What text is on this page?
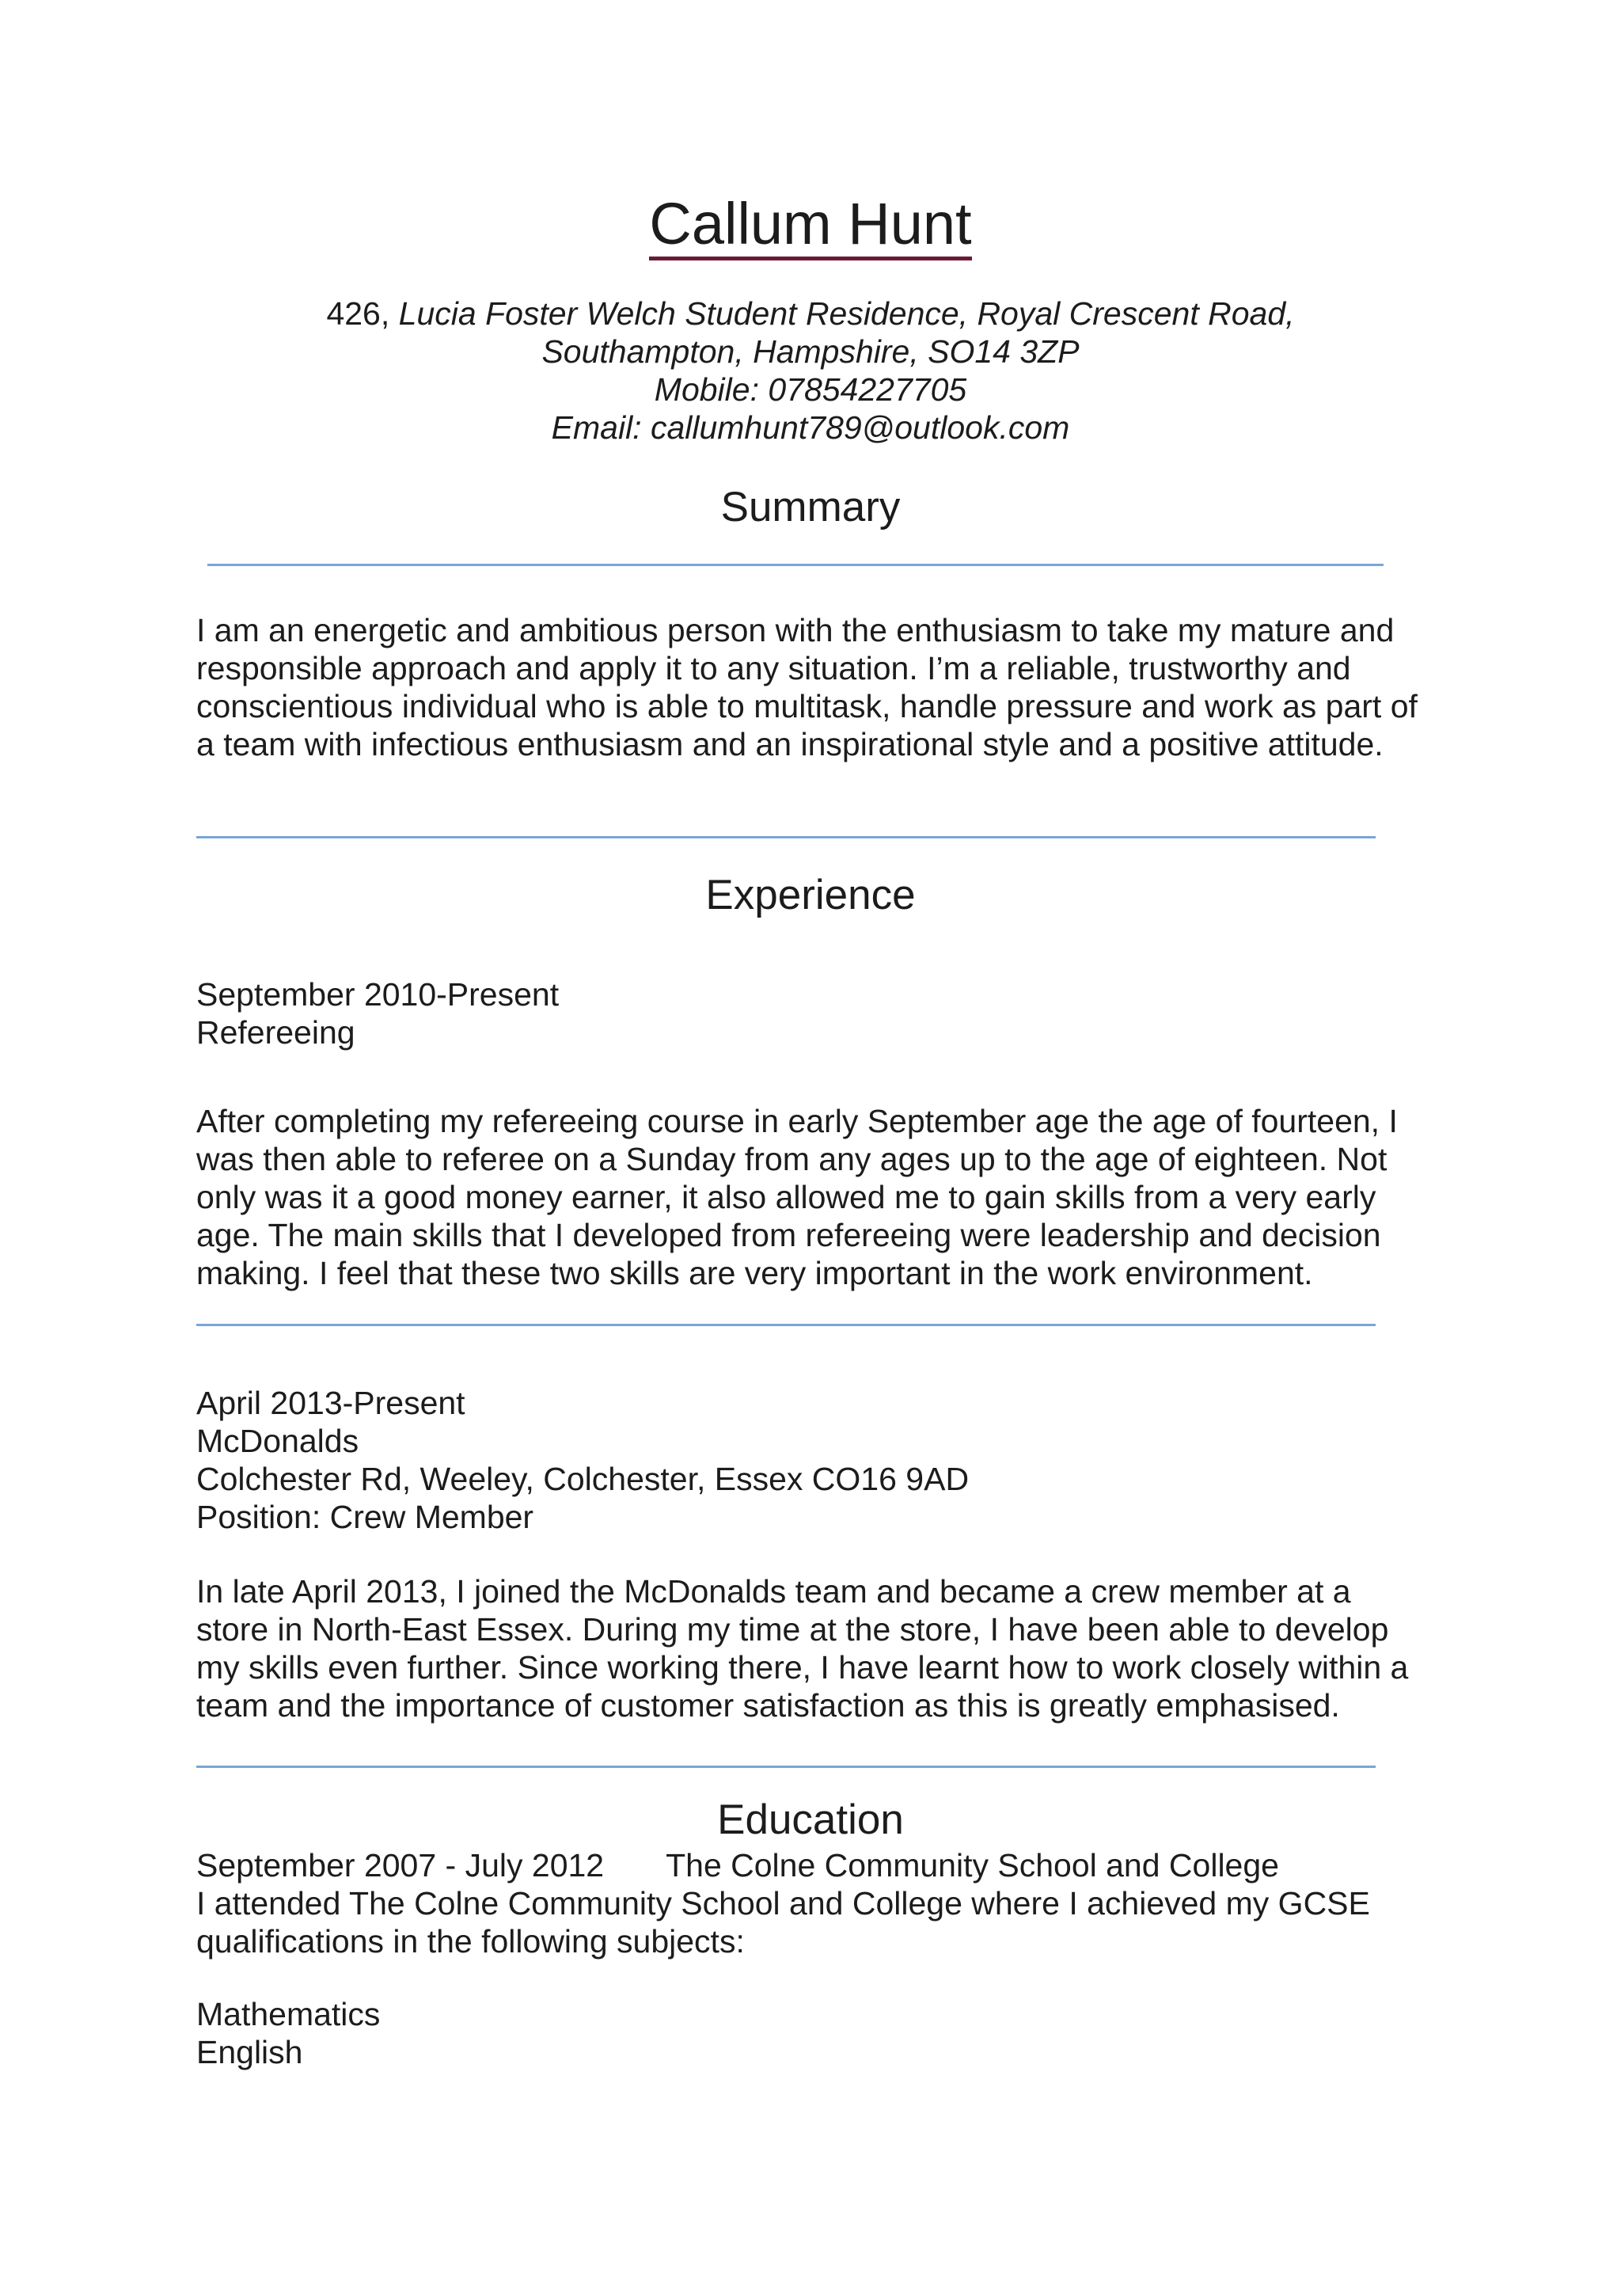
Callum Hunt
426, Lucia Foster Welch Student Residence, Royal Crescent Road,
Southampton, Hampshire, SO14 3ZP
Mobile: 07854227705
Email: callumhunt789@outlook.com
Summary
I am an energetic and ambitious person with the enthusiasm to take my mature and responsible approach and apply it to any situation. I’m a reliable, trustworthy and conscientious individual who is able to multitask, handle pressure and work as part of a team with infectious enthusiasm and an inspirational style and a positive attitude.
Experience
September 2010-Present
Refereeing
After completing my refereeing course in early September age the age of fourteen, I was then able to referee on a Sunday from any ages up to the age of eighteen. Not only was it a good money earner, it also allowed me to gain skills from a very early age. The main skills that I developed from refereeing were leadership and decision making. I feel that these two skills are very important in the work environment.
April 2013-Present
McDonalds
Colchester Rd, Weeley, Colchester, Essex CO16 9AD
Position: Crew Member
In late April 2013, I joined the McDonalds team and became a crew member at a store in North-East Essex. During my time at the store, I have been able to develop my skills even further. Since working there, I have learnt how to work closely within a team and the importance of customer satisfaction as this is greatly emphasised.
Education
September 2007 - July 2012 The Colne Community School and College
I attended The Colne Community School and College where I achieved my GCSE qualifications in the following subjects:
Mathematics
English
